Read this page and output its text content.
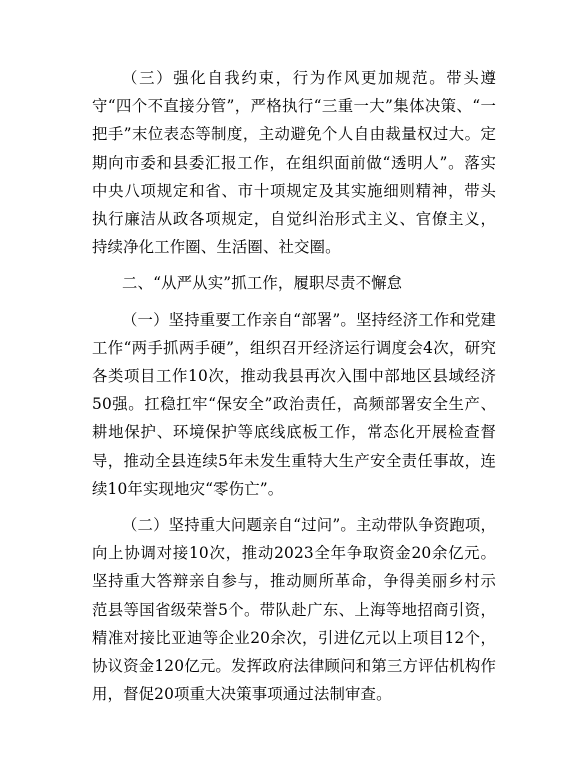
（三）强化自我约束，行为作风更加规范。带头遵守“四个不直接分管”，严格执行“三重一大”集体决策、“一把手”末位表态等制度，主动避免个人自由裁量权过大。定期向市委和县委汇报工作，在组织面前做“透明人”。落实中央八项规定和省、市十项规定及其实施细则精神，带头执行廉洁从政各项规定，自觉纠治形式主义、官僚主义，持续净化工作圈、生活圈、社交圈。

二、“从严从实”抓工作，履职尽责不懈怠

（一）坚持重要工作亲自“部署”。坚持经济工作和党建工作“两手抓两手硬”，组织召开经济运行调度会4次，研究各类项目工作10次，推动我县再次入围中部地区县域经济50强。扛稳扛牢“保安全”政治责任，高频部署安全生产、耕地保护、环境保护等底线底板工作，常态化开展检查督导，推动全县连续5年未发生重特大生产安全责任事故，连续10年实现地灾“零伤亡”。

（二）坚持重大问题亲自“过问”。主动带队争资跑项，向上协调对接10次，推动2023全年争取资金20余亿元。坚持重大答辩亲自参与，推动厕所革命，争得美丽乡村示范县等国省级荣誉5个。带队赴广东、上海等地招商引资，精准对接比亚迪等企业20余次，引进亿元以上项目12个，协议资金120亿元。发挥政府法律顾问和第三方评估机构作用，督促20项重大决策事项通过法制审查。
